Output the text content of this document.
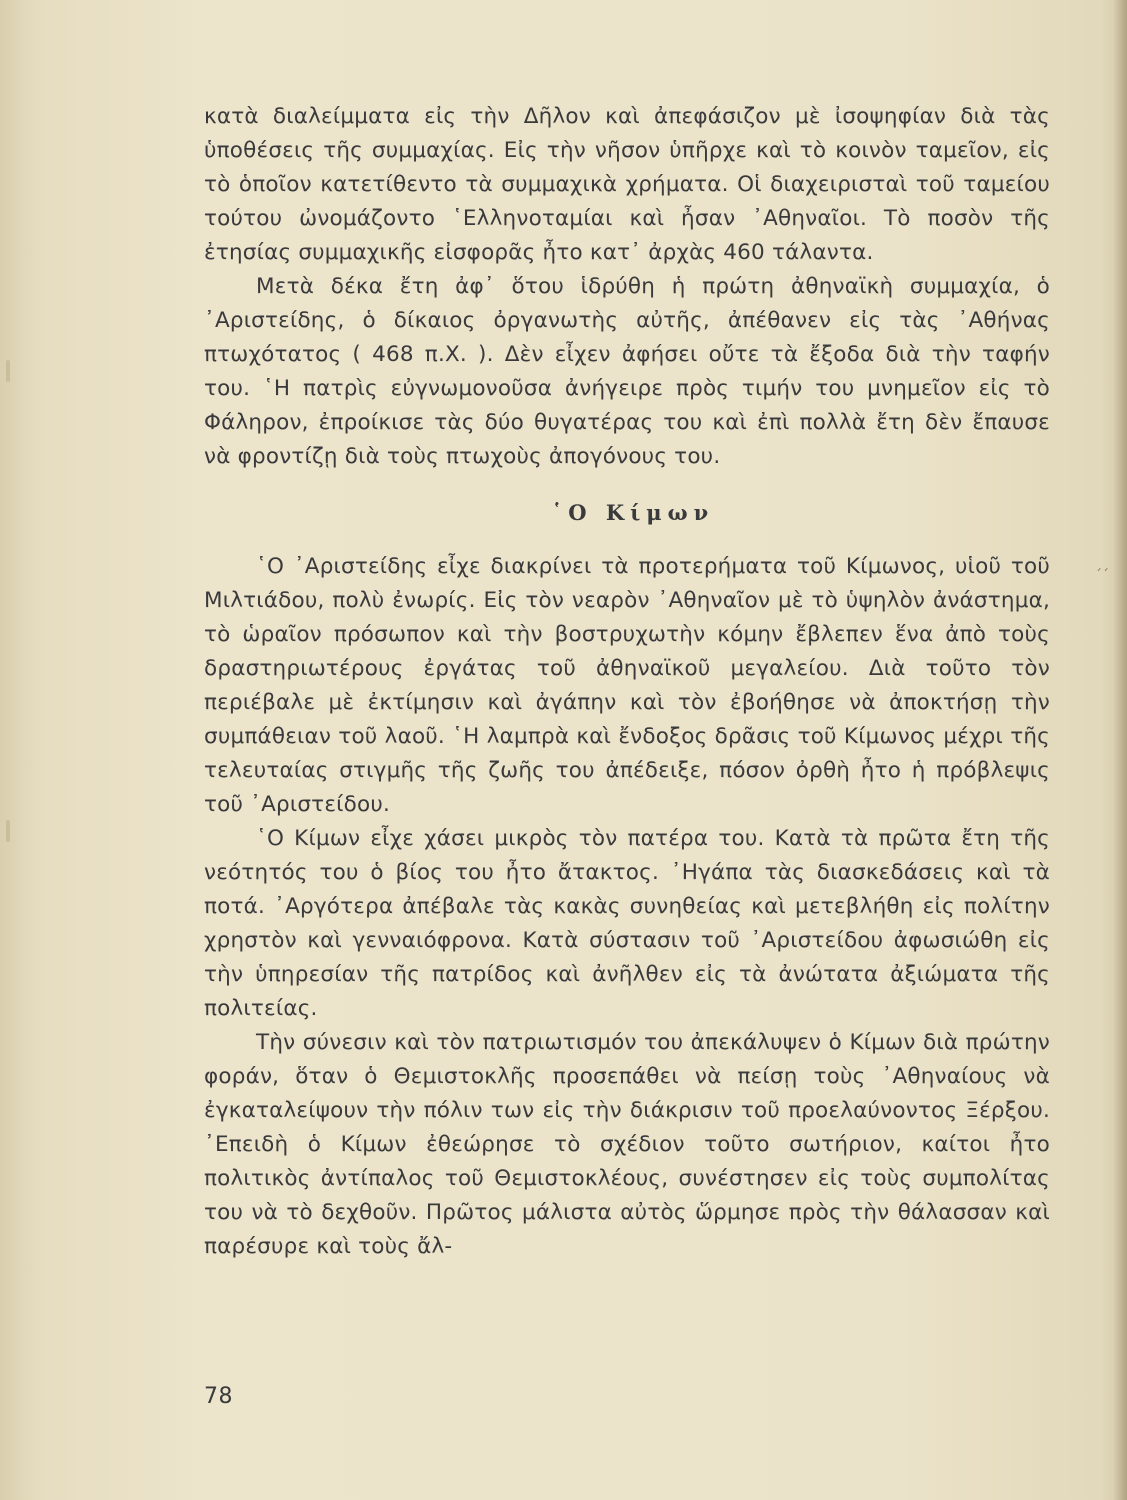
κατὰ διαλείμματα εἰς τὴν Δῆλον καὶ ἀπεφάσιζον μὲ ἰσοψηφίαν διὰ τὰς ὑποθέσεις τῆς συμμαχίας. Εἰς τὴν νῆσον ὑπῆρχε καὶ τὸ κοινὸν ταμεῖον, εἰς τὸ ὁποῖον κατετίθεντο τὰ συμμαχικὰ χρήματα. Οἱ διαχειρισταὶ τοῦ ταμείου τούτου ὠνομάζοντο ῾Ελληνοταμίαι καὶ ἦσαν ᾿Αθηναῖοι. Τὸ ποσὸν τῆς ἐτησίας συμμαχικῆς εἰσφορᾶς ἦτο κατ᾿ ἀρχὰς 460 τάλαντα.

Μετὰ δέκα ἔτη ἀφ᾿ ὅτου ἱδρύθη ἡ πρώτη ἀθηναϊκὴ συμμαχία, ὁ ᾿Αριστείδης, ὁ δίκαιος ὀργανωτὴς αὐτῆς, ἀπέθανεν εἰς τὰς ᾿Αθήνας πτωχότατος ( 468 π.Χ. ). Δὲν εἶχεν ἀφήσει οὔτε τὰ ἔξοδα διὰ τὴν ταφήν του. ῾Η πατρὶς εὐγνωμονοῦσα ἀνήγειρε πρὸς τιμήν του μνημεῖον εἰς τὸ Φάληρον, ἐπροίκισε τὰς δύο θυγατέρας του καὶ ἐπὶ πολλὰ ἔτη δὲν ἔπαυσε νὰ φροντίζῃ διὰ τοὺς πτωχοὺς ἀπογόνους του.

῾Ο Κίμων

῾Ο ᾿Αριστείδης εἶχε διακρίνει τὰ προτερήματα τοῦ Κίμωνος, υἱοῦ τοῦ Μιλτιάδου, πολὺ ἐνωρίς. Εἰς τὸν νεαρὸν ᾿Αθηναῖον μὲ τὸ ὑψηλὸν ἀνάστημα, τὸ ὡραῖον πρόσωπον καὶ τὴν βοστρυχωτὴν κόμην ἔβλεπεν ἕνα ἀπὸ τοὺς δραστηριωτέρους ἐργάτας τοῦ ἀθηναϊκοῦ μεγαλείου. Διὰ τοῦτο τὸν περιέβαλε μὲ ἐκτίμησιν καὶ ἀγάπην καὶ τὸν ἐβοήθησε νὰ ἀποκτήσῃ τὴν συμπάθειαν τοῦ λαοῦ. ῾Η λαμπρὰ καὶ ἔνδοξος δρᾶσις τοῦ Κίμωνος μέχρι τῆς τελευταίας στιγμῆς τῆς ζωῆς του ἀπέδειξε, πόσον ὀρθὴ ἦτο ἡ πρόβλεψις τοῦ ᾿Αριστείδου.

῾Ο Κίμων εἶχε χάσει μικρὸς τὸν πατέρα του. Κατὰ τὰ πρῶτα ἔτη τῆς νεότητός του ὁ βίος του ἦτο ἄτακτος. ᾿Ηγάπα τὰς διασκεδάσεις καὶ τὰ ποτά. ᾿Αργότερα ἀπέβαλε τὰς κακὰς συνηθείας καὶ μετεβλήθη εἰς πολίτην χρηστὸν καὶ γενναιόφρονα. Κατὰ σύστασιν τοῦ ᾿Αριστείδου ἀφωσιώθη εἰς τὴν ὑπηρεσίαν τῆς πατρίδος καὶ ἀνῆλθεν εἰς τὰ ἀνώτατα ἀξιώματα τῆς πολιτείας.

Τὴν σύνεσιν καὶ τὸν πατριωτισμόν του ἀπεκάλυψεν ὁ Κίμων διὰ πρώτην φοράν, ὅταν ὁ Θεμιστοκλῆς προσεπάθει νὰ πείσῃ τοὺς ᾿Αθηναίους νὰ ἐγκαταλείψουν τὴν πόλιν των εἰς τὴν διάκρισιν τοῦ προελαύνοντος Ξέρξου. ᾿Επειδὴ ὁ Κίμων ἐθεώρησε τὸ σχέδιον τοῦτο σωτήριον, καίτοι ἦτο πολιτικὸς ἀντίπαλος τοῦ Θεμιστοκλέους, συνέστησεν εἰς τοὺς συμπολίτας του νὰ τὸ δεχθοῦν. Πρῶτος μάλιστα αὐτὸς ὥρμησε πρὸς τὴν θάλασσαν καὶ παρέσυρε καὶ τοὺς ἄλ-

´´
78
